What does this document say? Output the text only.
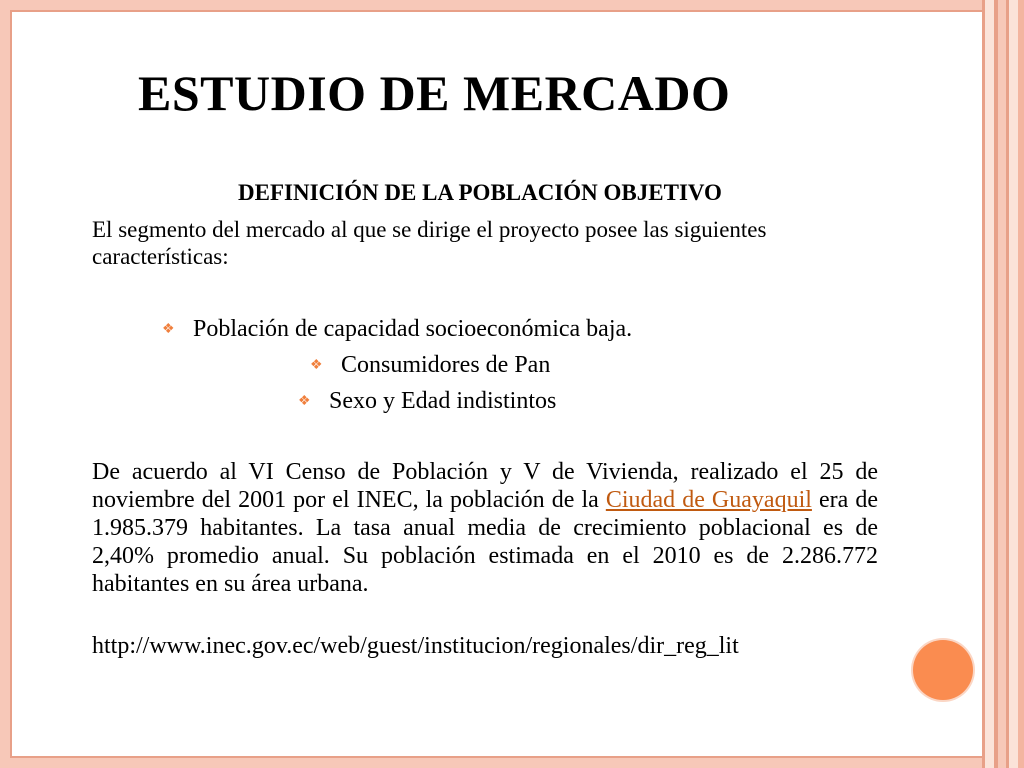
ESTUDIO DE MERCADO
DEFINICIÓN DE LA POBLACIÓN OBJETIVO
El segmento del mercado al que se dirige el proyecto posee las siguientes características:
❖ Población de capacidad socioeconómica baja.
❖ Consumidores de Pan
❖ Sexo y Edad indistintos
De acuerdo al VI Censo de Población y V de Vivienda, realizado el 25 de noviembre del 2001 por el INEC, la población de la Ciudad de Guayaquil era de 1.985.379 habitantes. La tasa anual media de crecimiento poblacional es de 2,40% promedio anual. Su población estimada en el 2010 es de 2.286.772 habitantes en su área urbana.
http://www.inec.gov.ec/web/guest/institucion/regionales/dir_reg_lit
